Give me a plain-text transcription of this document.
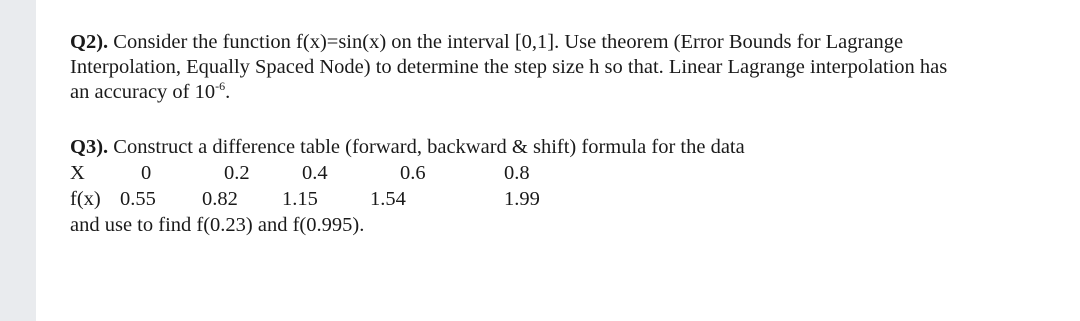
Q2). Consider the function f(x)=sin(x) on the interval [0,1]. Use theorem (Error Bounds for Lagrange

Interpolation, Equally Spaced Node) to determine the step size h so that. Linear Lagrange interpolation has

an accuracy of $10^{-6}$.

Q3). Construct a difference table (forward, backward & shift) formula for the data
X	0	0.2	0.4	0.6	0.8
f(x) 0.55 0.82 1.15	1.54	1.99
and use to find f(0.23) and f(0.995).
